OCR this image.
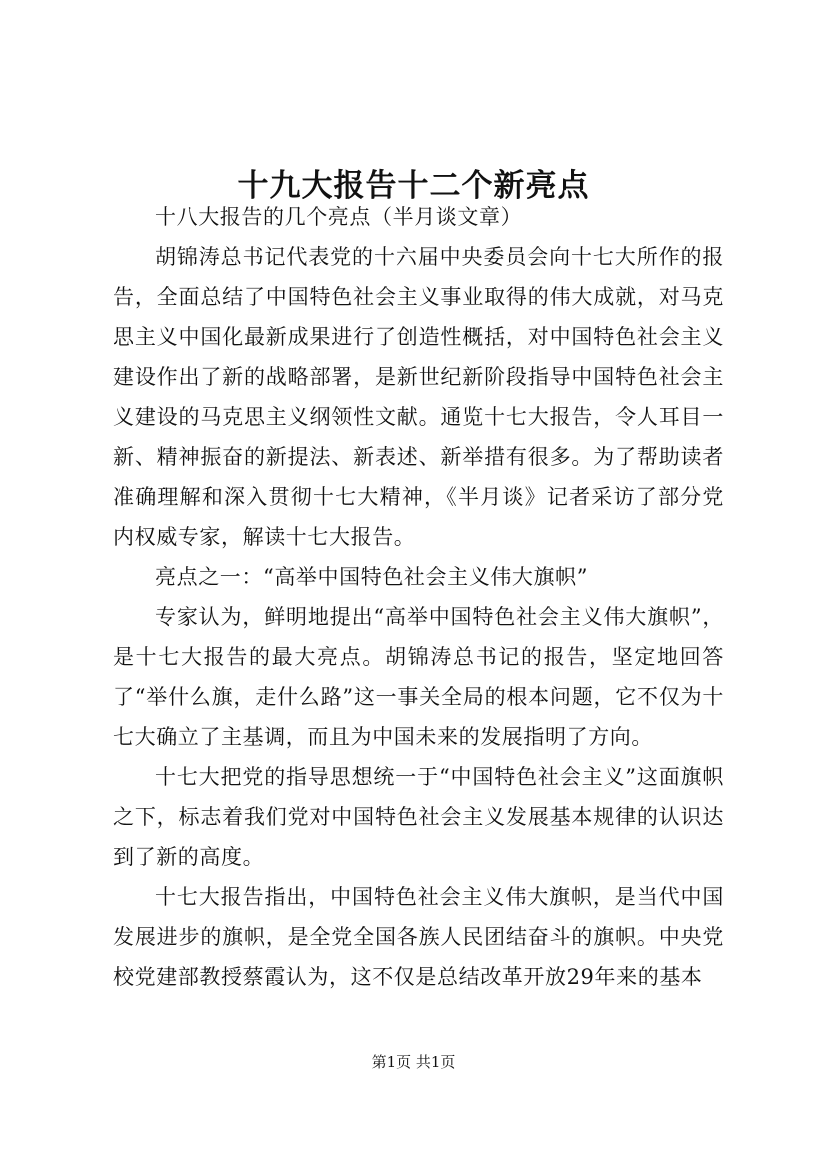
十九大报告十二个新亮点

十八大报告的几个亮点（半月谈文章）

胡锦涛总书记代表党的十六届中央委员会向十七大所作的报告，全面总结了中国特色社会主义事业取得的伟大成就，对马克思主义中国化最新成果进行了创造性概括，对中国特色社会主义建设作出了新的战略部署，是新世纪新阶段指导中国特色社会主义建设的马克思主义纲领性文献。通览十七大报告，令人耳目一新、精神振奋的新提法、新表述、新举措有很多。为了帮助读者准确理解和深入贯彻十七大精神，《半月谈》记者采访了部分党内权威专家，解读十七大报告。

亮点之一：“高举中国特色社会主义伟大旗帜”

专家认为，鲜明地提出“高举中国特色社会主义伟大旗帜”，是十七大报告的最大亮点。胡锦涛总书记的报告，坚定地回答了“举什么旗，走什么路”这一事关全局的根本问题，它不仅为十七大确立了主基调，而且为中国未来的发展指明了方向。

十七大把党的指导思想统一于“中国特色社会主义”这面旗帜之下，标志着我们党对中国特色社会主义发展基本规律的认识达到了新的高度。

十七大报告指出，中国特色社会主义伟大旗帜，是当代中国发展进步的旗帜，是全党全国各族人民团结奋斗的旗帜。中央党校党建部教授蔡霞认为，这不仅是总结改革开放29年来的基本

第1页 共1页
